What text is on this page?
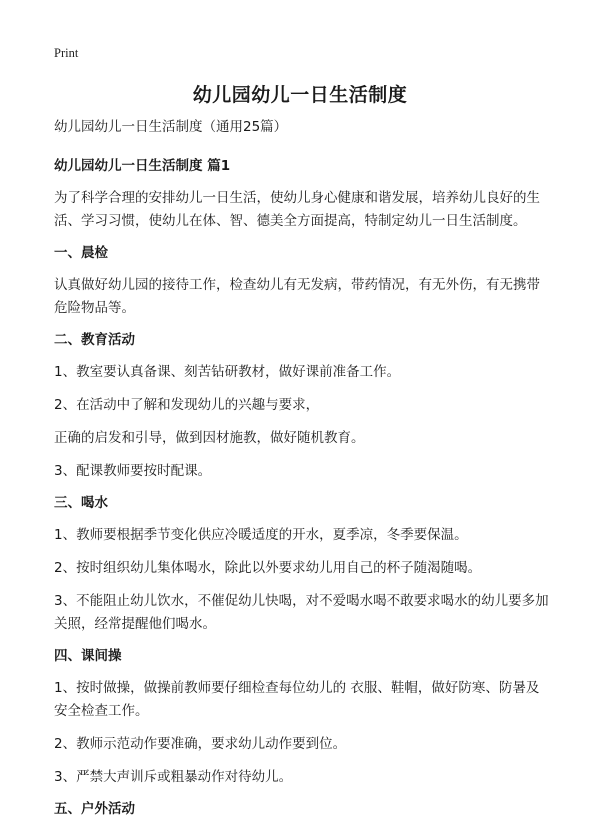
Print
幼儿园幼儿一日生活制度
幼儿园幼儿一日生活制度（通用25篇）
幼儿园幼儿一日生活制度 篇1

为了科学合理的安排幼儿一日生活，使幼儿身心健康和谐发展，培养幼儿良好的生活、学习习惯，使幼儿在体、智、德美全方面提高，特制定幼儿一日生活制度。

一、晨检

认真做好幼儿园的接待工作，检查幼儿有无发病，带药情况，有无外伤，有无携带危险物品等。

二、教育活动

1、教室要认真备课、刻苦钻研教材，做好课前准备工作。

2、在活动中了解和发现幼儿的兴趣与要求，

正确的启发和引导，做到因材施教，做好随机教育。

3、配课教师要按时配课。

三、喝水

1、教师要根据季节变化供应冷暖适度的开水，夏季凉，冬季要保温。

2、按时组织幼儿集体喝水，除此以外要求幼儿用自己的杯子随渴随喝。

3、不能阻止幼儿饮水，不催促幼儿快喝，对不爱喝水喝不敢要求喝水的幼儿要多加关照，经常提醒他们喝水。

四、课间操

1、按时做操，做操前教师要仔细检查每位幼儿的 衣服、鞋帽，做好防寒、防暑及安全检查工作。

2、教师示范动作要准确，要求幼儿动作要到位。

3、严禁大声训斥或粗暴动作对待幼儿。

五、户外活动
